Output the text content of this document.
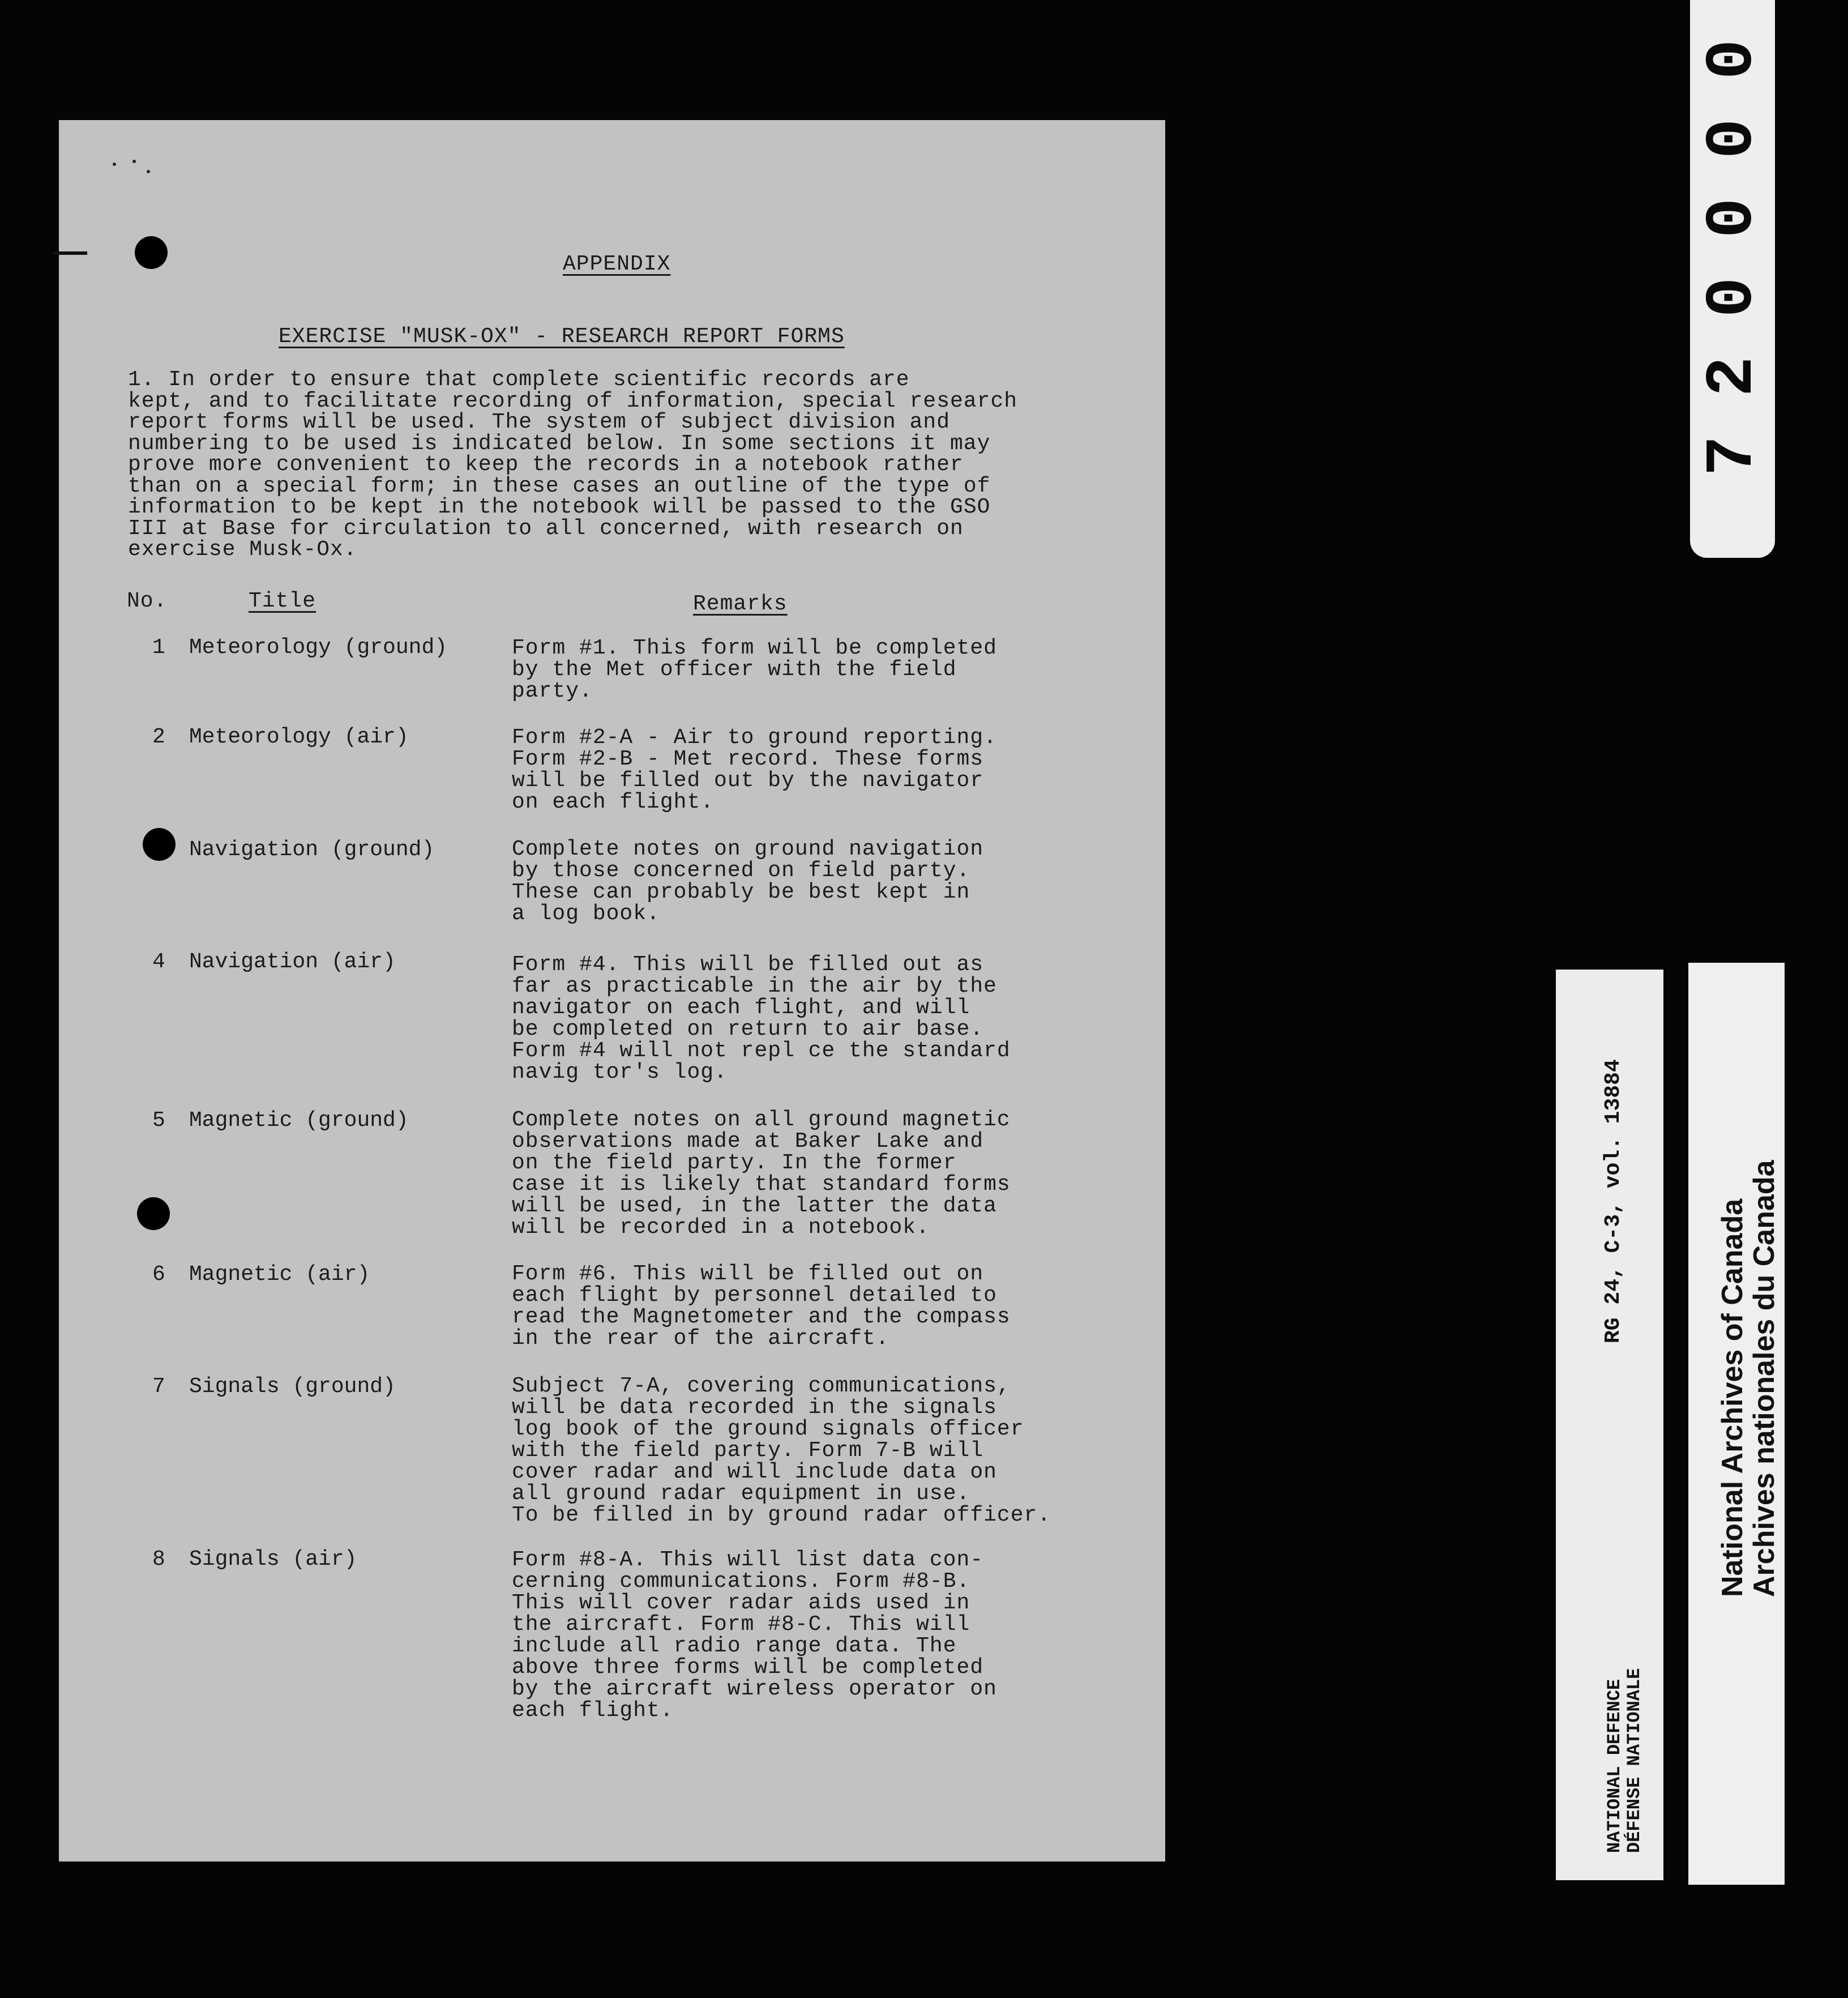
APPENDIX
EXERCISE "MUSK-OX" - RESEARCH REPORT FORMS
1. In order to ensure that complete scientific records are
kept, and to facilitate recording of information, special research
report forms will be used. The system of subject division and
numbering to be used is indicated below. In some sections it may
prove more convenient to keep the records in a notebook rather
than on a special form; in these cases an outline of the type of
information to be kept in the notebook will be passed to the GSO
III at Base for circulation to all concerned, with research on
exercise Musk-Ox.
No.	Title	Remarks
1 Meteorology (ground)	Form #1. This form will be completed
by the Met officer with the field
party.
2 Meteorology (air)	Form #2-A - Air to ground reporting.
Form #2-B - Met record. These forms
will be filled out by the navigator
on each flight.
Navigation (ground)	Complete notes on ground navigation
by those concerned on field party.
These can probably be best kept in
a log book.
4 Navigation (air)	Form #4. This will be filled out as
far as practicable in the air by the
navigator on each flight, and will
be completed on return to air base.
Form #4 will not repl ce the standard
navig tor's log.
5 Magnetic (ground)	Complete notes on all ground magnetic
observations made at Baker Lake and
on the field party. In the former
case it is likely that standard forms
will be used, in the latter the data
will be recorded in a notebook.
6 Magnetic (air)	Form #6. This will be filled out on
each flight by personnel detailed to
read the Magnetometer and the compass
in the rear of the aircraft.
7 Signals (ground)	Subject 7-A, covering communications,
will be data recorded in the signals
log book of the ground signals officer
with the field party. Form 7-B will
cover radar and will include data on
all ground radar equipment in use.
To be filled in by ground radar officer.
8 Signals (air)	Form #8-A. This will list data con-
cerning communications. Form #8-B.
This will cover radar aids used in
the aircraft. Form #8-C. This will
include all radio range data. The
above three forms will be completed
by the aircraft wireless operator on
each flight.
0
0
0
0
2
7
RG 24, C-3, vol. 13884
NATIONAL DEFENCE
DÉFENSE NATIONALE
National Archives of Canada
Archives nationales du Canada
